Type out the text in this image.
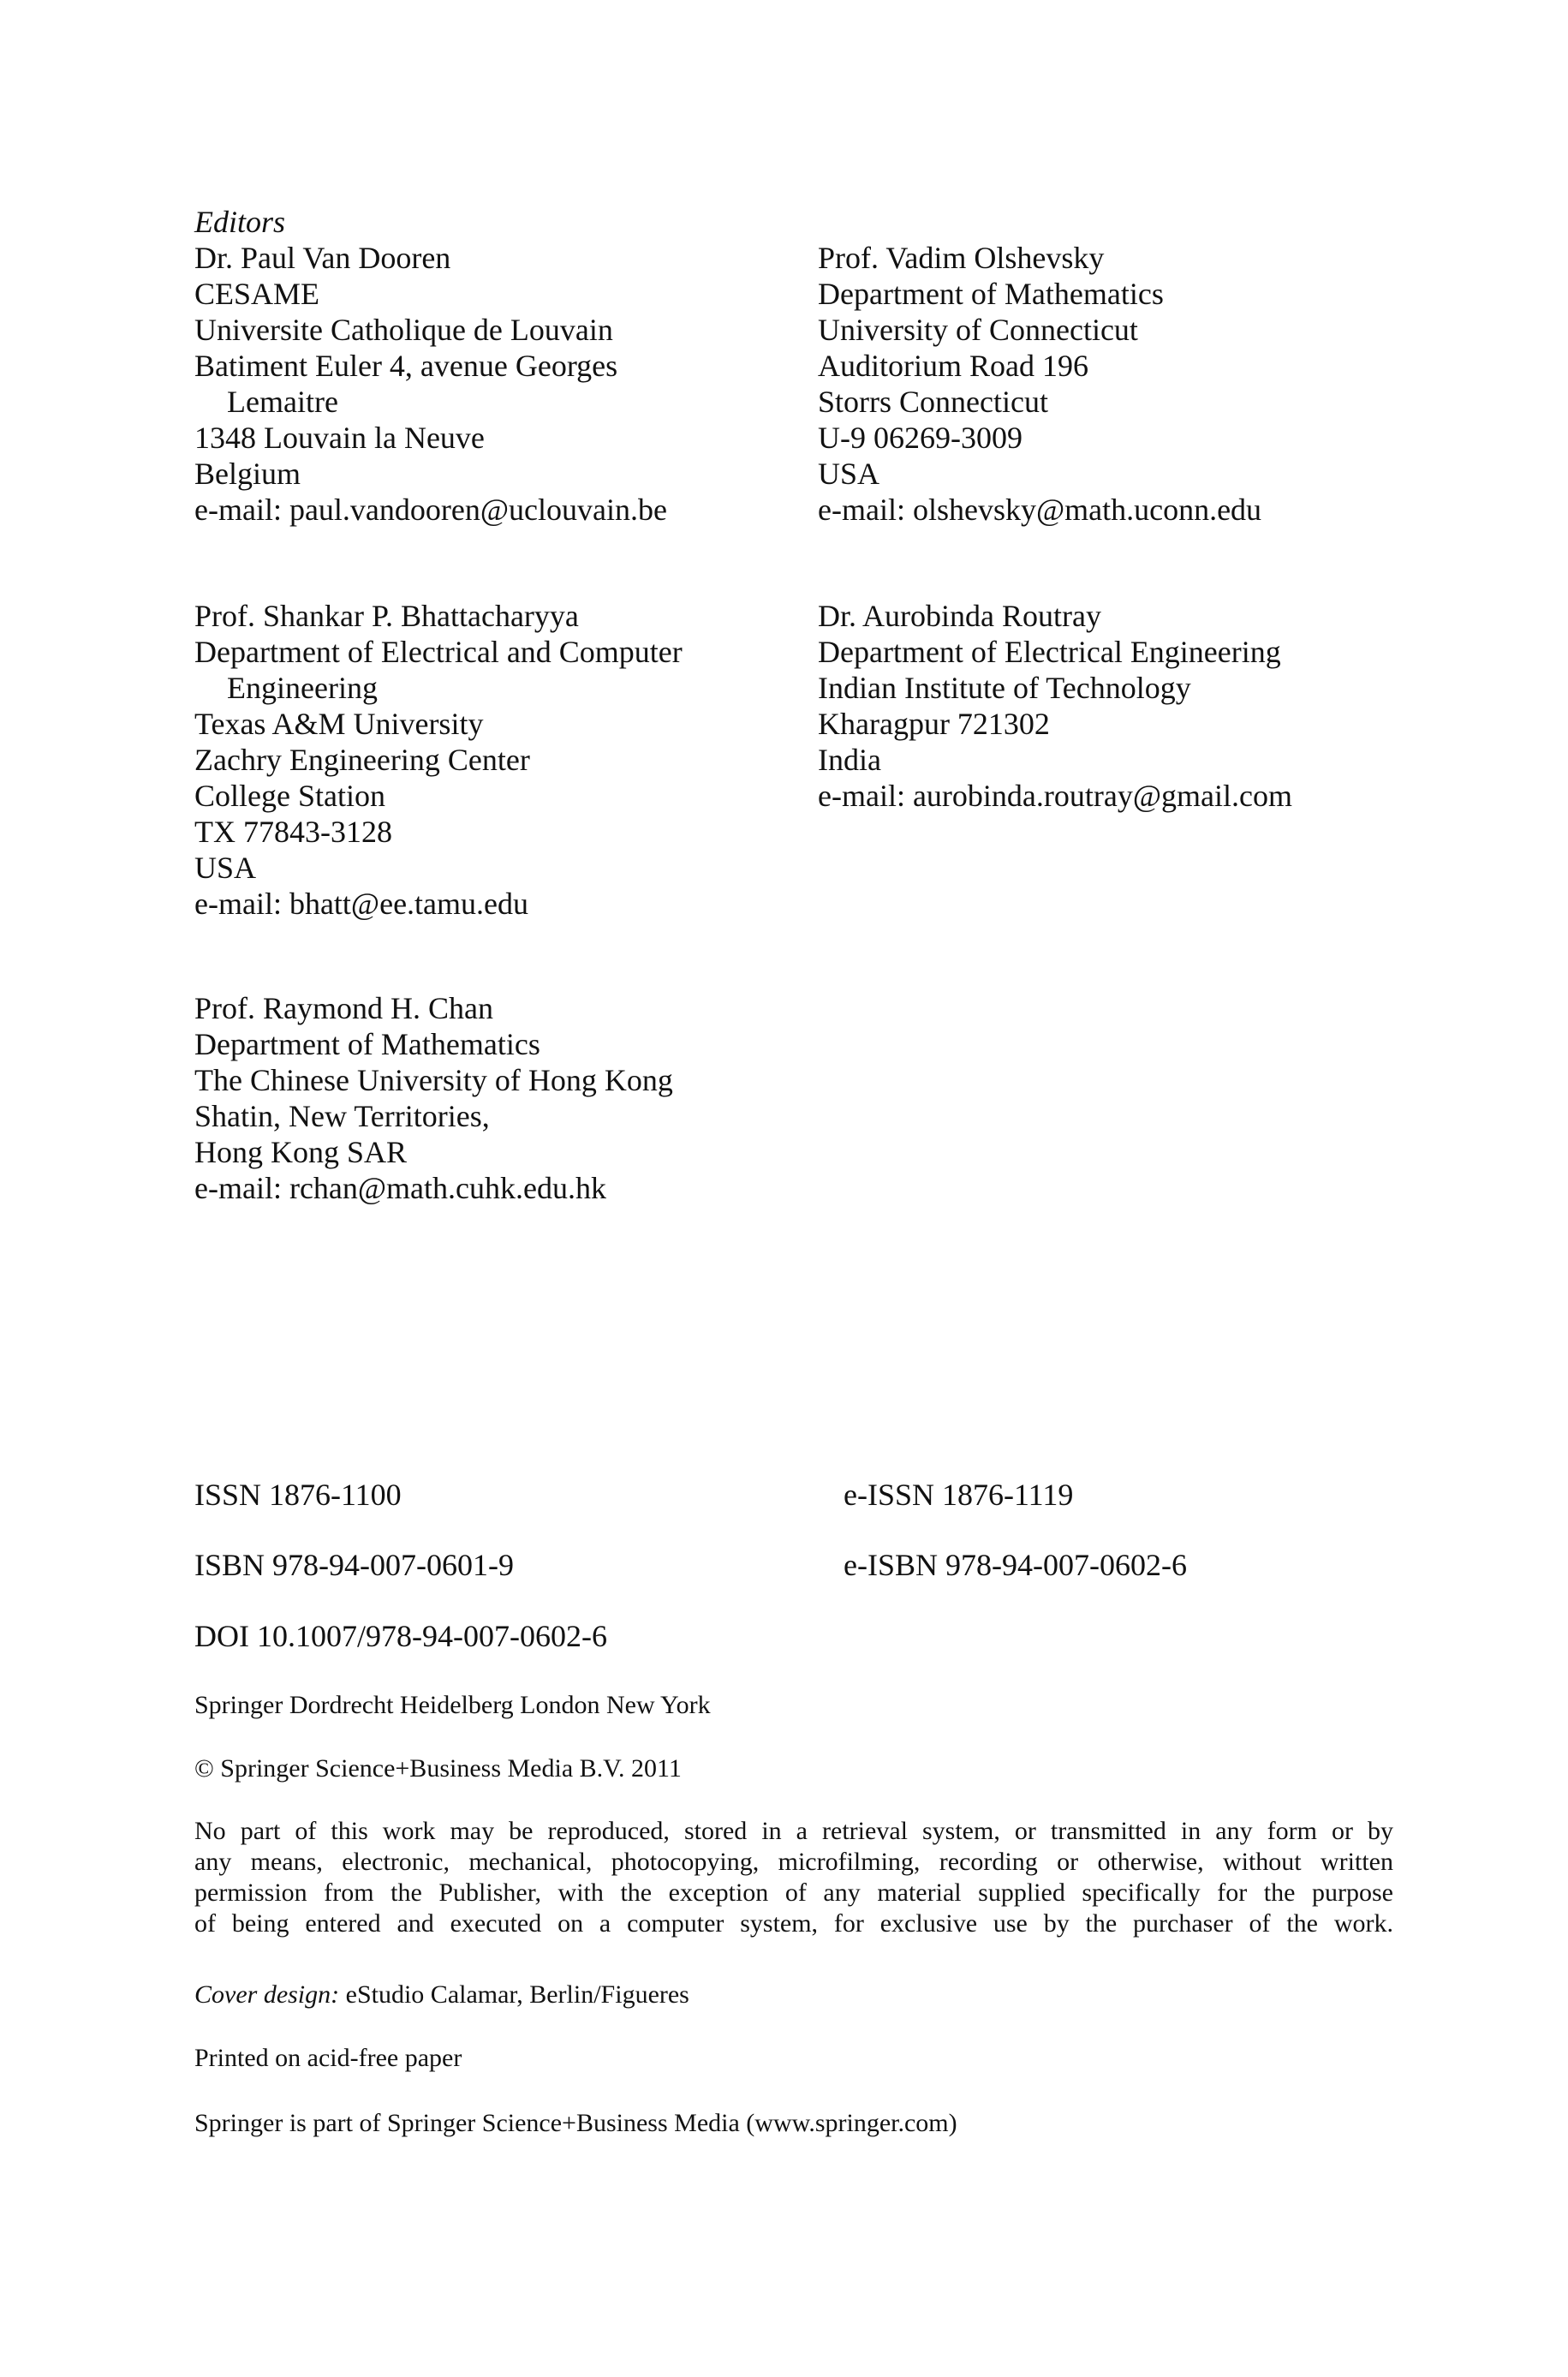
Editors
Dr. Paul Van Dooren
CESAME
Universite Catholique de Louvain
Batiment Euler 4, avenue Georges
Lemaitre
1348 Louvain la Neuve
Belgium
e-mail: paul.vandooren@uclouvain.be
Prof. Vadim Olshevsky
Department of Mathematics
University of Connecticut
Auditorium Road 196
Storrs Connecticut
U-9 06269-3009
USA
e-mail: olshevsky@math.uconn.edu
Prof. Shankar P. Bhattacharyya
Department of Electrical and Computer
Engineering
Texas A&M University
Zachry Engineering Center
College Station
TX 77843-3128
USA
e-mail: bhatt@ee.tamu.edu
Dr. Aurobinda Routray
Department of Electrical Engineering
Indian Institute of Technology
Kharagpur 721302
India
e-mail: aurobinda.routray@gmail.com
Prof. Raymond H. Chan
Department of Mathematics
The Chinese University of Hong Kong
Shatin, New Territories,
Hong Kong SAR
e-mail: rchan@math.cuhk.edu.hk
ISSN 1876-1100	e-ISSN 1876-1119
ISBN 978-94-007-0601-9	e-ISBN 978-94-007-0602-6
DOI 10.1007/978-94-007-0602-6
Springer Dordrecht Heidelberg London New York
© Springer Science+Business Media B.V. 2011
No part of this work may be reproduced, stored in a retrieval system, or transmitted in any form or by
any means, electronic, mechanical, photocopying, microfilming, recording or otherwise, without written
permission from the Publisher, with the exception of any material supplied specifically for the purpose
of being entered and executed on a computer system, for exclusive use by the purchaser of the work.
Cover design: eStudio Calamar, Berlin/Figueres
Printed on acid-free paper
Springer is part of Springer Science+Business Media (www.springer.com)
